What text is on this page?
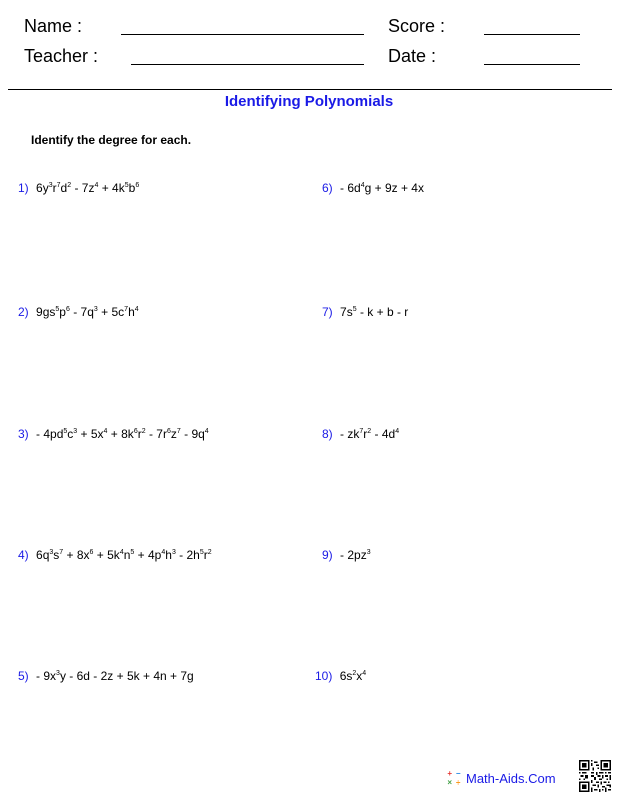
Name :
Teacher :
Score :
Date :
Identifying Polynomials
Identify the degree for each.
1) $6y^3r^7d^2 - 7z^4 + 4k^5b^6$
2) $9gs^5p^6 - 7q^3 + 5c^7h^4$
$3) - 4pd^5c^3 + 5x^4 + 8k^6r^2 - 7r^6z^7 - 9q^4$
4) $6q^3s^7 + 8x^6 + 5k^4n^5 + 4p^4h^3 - 2h^5r^2$
$5) - 9x^3y - 6d - 2z + 5k + 4n + 7g$
$6) - 6d^4g + 9z + 4x$
7) $7s^5 - k + b - r$
$8) - zk^7r^2 - 4d^4$
$9) - 2pz^3$
10) $6s^2x^4$
+ −
× ÷ Math-Aids.Com
